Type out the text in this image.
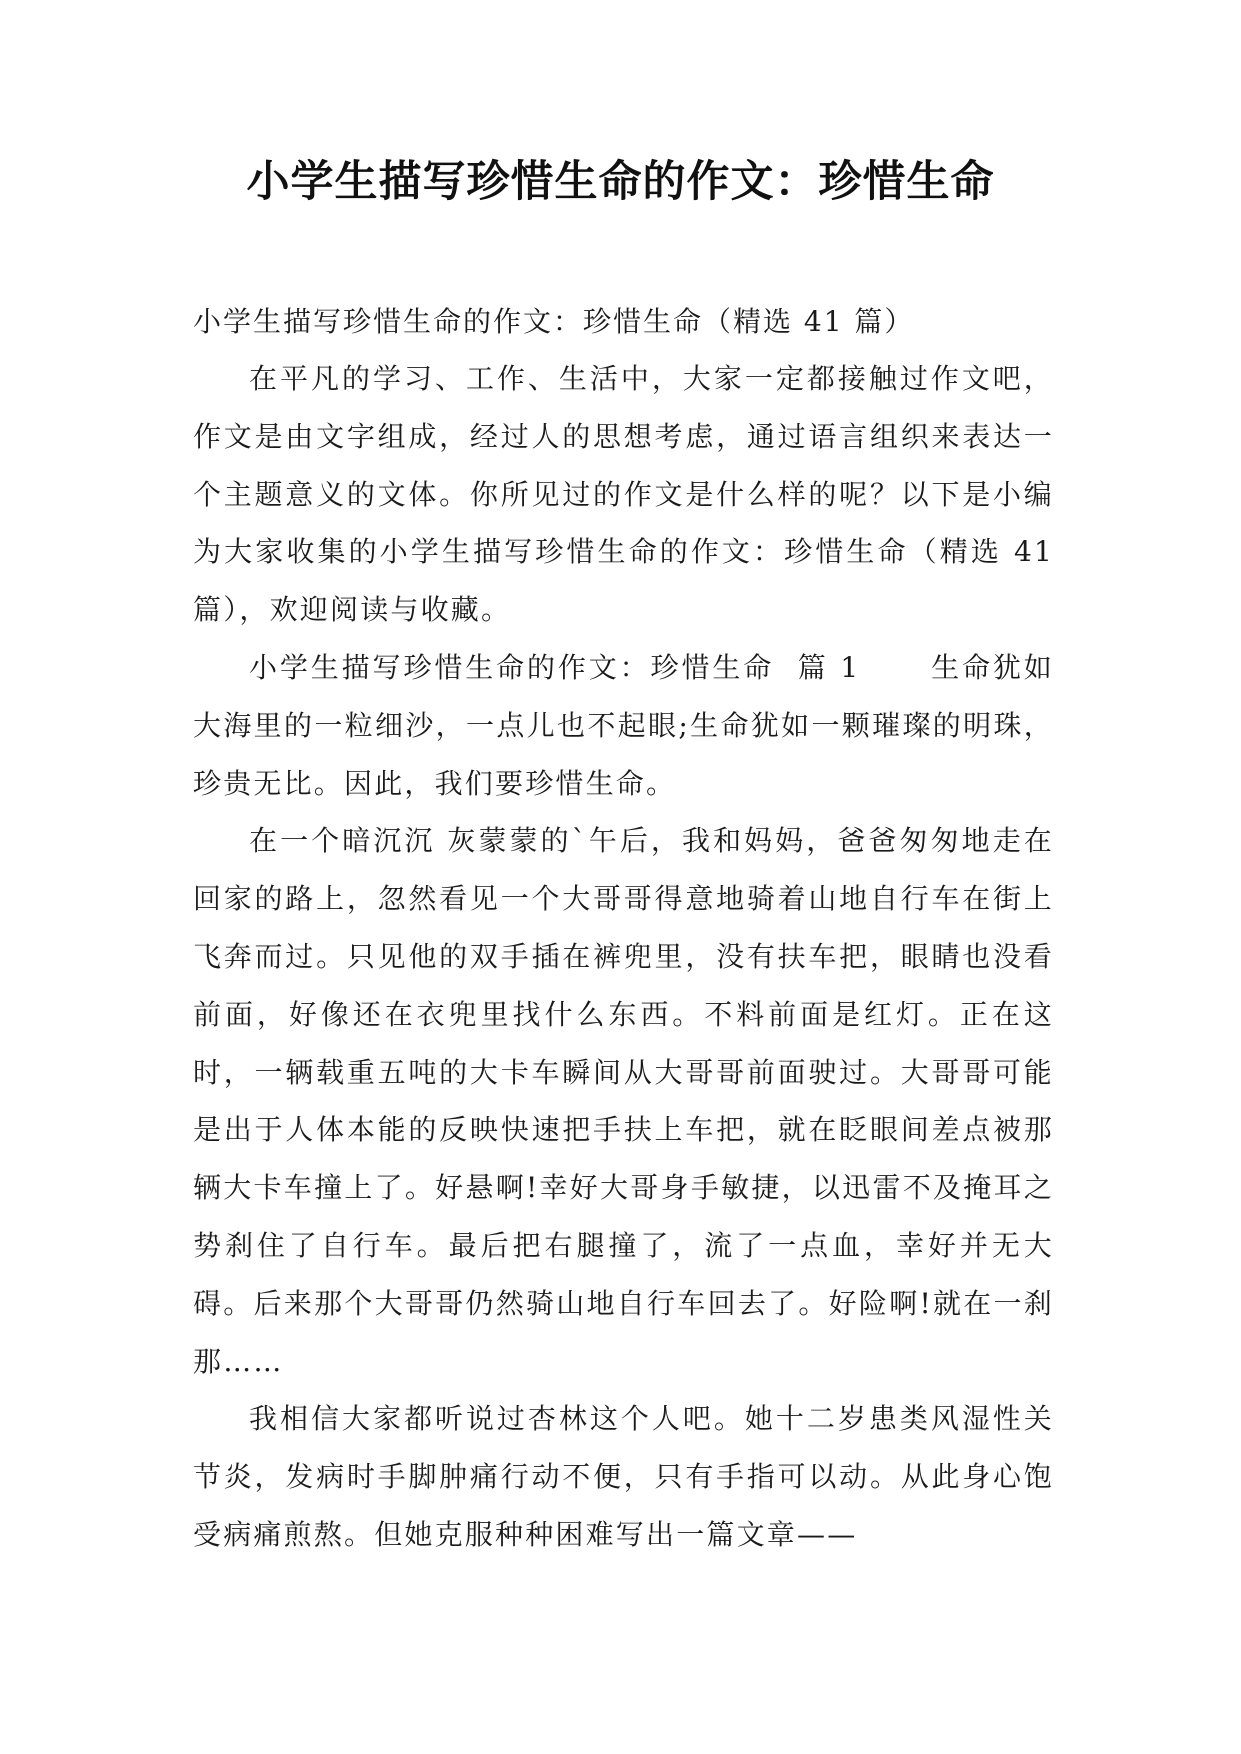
小学生描写珍惜生命的作文：珍惜生命

小学生描写珍惜生命的作文：珍惜生命（精选 41 篇）

在平凡的学习、工作、生活中，大家一定都接触过作文吧，作文是由文字组成，经过人的思想考虑，通过语言组织来表达一个主题意义的文体。你所见过的作文是什么样的呢？以下是小编为大家收集的小学生描写珍惜生命的作文：珍惜生命（精选 41 篇），欢迎阅读与收藏。

小学生描写珍惜生命的作文：珍惜生命  篇 1      生命犹如大海里的一粒细沙，一点儿也不起眼;生命犹如一颗璀璨的明珠，珍贵无比。因此，我们要珍惜生命。

在一个暗沉沉 灰蒙蒙的`午后，我和妈妈，爸爸匆匆地走在回家的路上，忽然看见一个大哥哥得意地骑着山地自行车在街上飞奔而过。只见他的双手插在裤兜里，没有扶车把，眼睛也没看前面，好像还在衣兜里找什么东西。不料前面是红灯。正在这时，一辆载重五吨的大卡车瞬间从大哥哥前面驶过。大哥哥可能是出于人体本能的反映快速把手扶上车把，就在眨眼间差点被那辆大卡车撞上了。好悬啊!幸好大哥身手敏捷，以迅雷不及掩耳之势刹住了自行车。最后把右腿撞了，流了一点血，幸好并无大碍。后来那个大哥哥仍然骑山地自行车回去了。好险啊!就在一刹那……

我相信大家都听说过杏林这个人吧。她十二岁患类风湿性关节炎，发病时手脚肿痛行动不便，只有手指可以动。从此身心饱受病痛煎熬。但她克服种种困难写出一篇文章——
